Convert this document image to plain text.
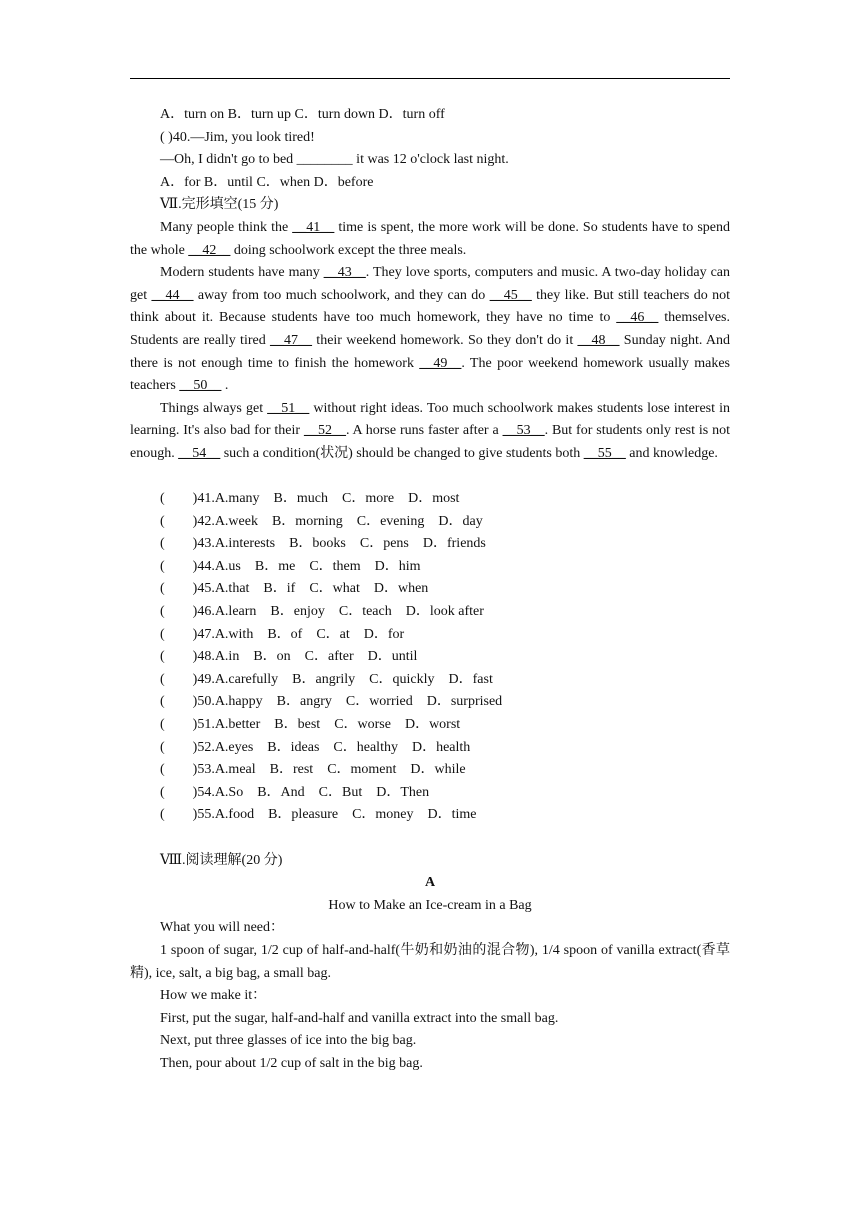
A．turn on B．turn up C．turn down D．turn off
( )40.—Jim, you look tired!
—Oh, I didn't go to bed ________ it was 12 o'clock last night.
A．for B．until C．when D．before
Ⅶ.完形填空(15 分)
Many people think the __41__ time is spent, the more work will be done. So students have to spend the whole __42__ doing schoolwork except the three meals.
Modern students have many __43__. They love sports, computers and music. A two-day holiday can get __44__ away from too much schoolwork, and they can do __45__ they like. But still teachers do not think about it. Because students have too much homework, they have no time to __46__ themselves. Students are really tired __47__ their weekend homework. So they don't do it __48__ Sunday night. And there is not enough time to finish the homework __49__. The poor weekend homework usually makes teachers __50__ .
Things always get __51__ without right ideas. Too much schoolwork makes students lose interest in learning. It's also bad for their __52__. A horse runs faster after a __53__. But for students only rest is not enough. __54__ such a condition(状况) should be changed to give students both __55__ and knowledge.
(        )41.A.many    B．much    C．more    D．most
(        )42.A.week    B．morning    C．evening    D．day
(        )43.A.interests    B．books    C．pens    D．friends
(        )44.A.us    B．me    C．them    D．him
(        )45.A.that    B．if    C．what    D．when
(        )46.A.learn    B．enjoy    C．teach    D．look after
(        )47.A.with    B．of    C．at    D．for
(        )48.A.in    B．on    C．after    D．until
(        )49.A.carefully    B．angrily    C．quickly    D．fast
(        )50.A.happy    B．angry    C．worried    D．surprised
(        )51.A.better    B．best    C．worse    D．worst
(        )52.A.eyes    B．ideas    C．healthy    D．health
(        )53.A.meal    B．rest    C．moment    D．while
(        )54.A.So    B．And    C．But    D．Then
(        )55.A.food    B．pleasure    C．money    D．time
Ⅷ.阅读理解(20 分)
A
How to Make an Ice-cream in a Bag
What you will need：
1 spoon of sugar, 1/2 cup of half-and-half(牛奶和奶油的混合物), 1/4 spoon of vanilla extract(香草精), ice, salt, a big bag, a small bag.
How we make it：
First, put the sugar, half-and-half and vanilla extract into the small bag.
Next, put three glasses of ice into the big bag.
Then, pour about 1/2 cup of salt in the big bag.
